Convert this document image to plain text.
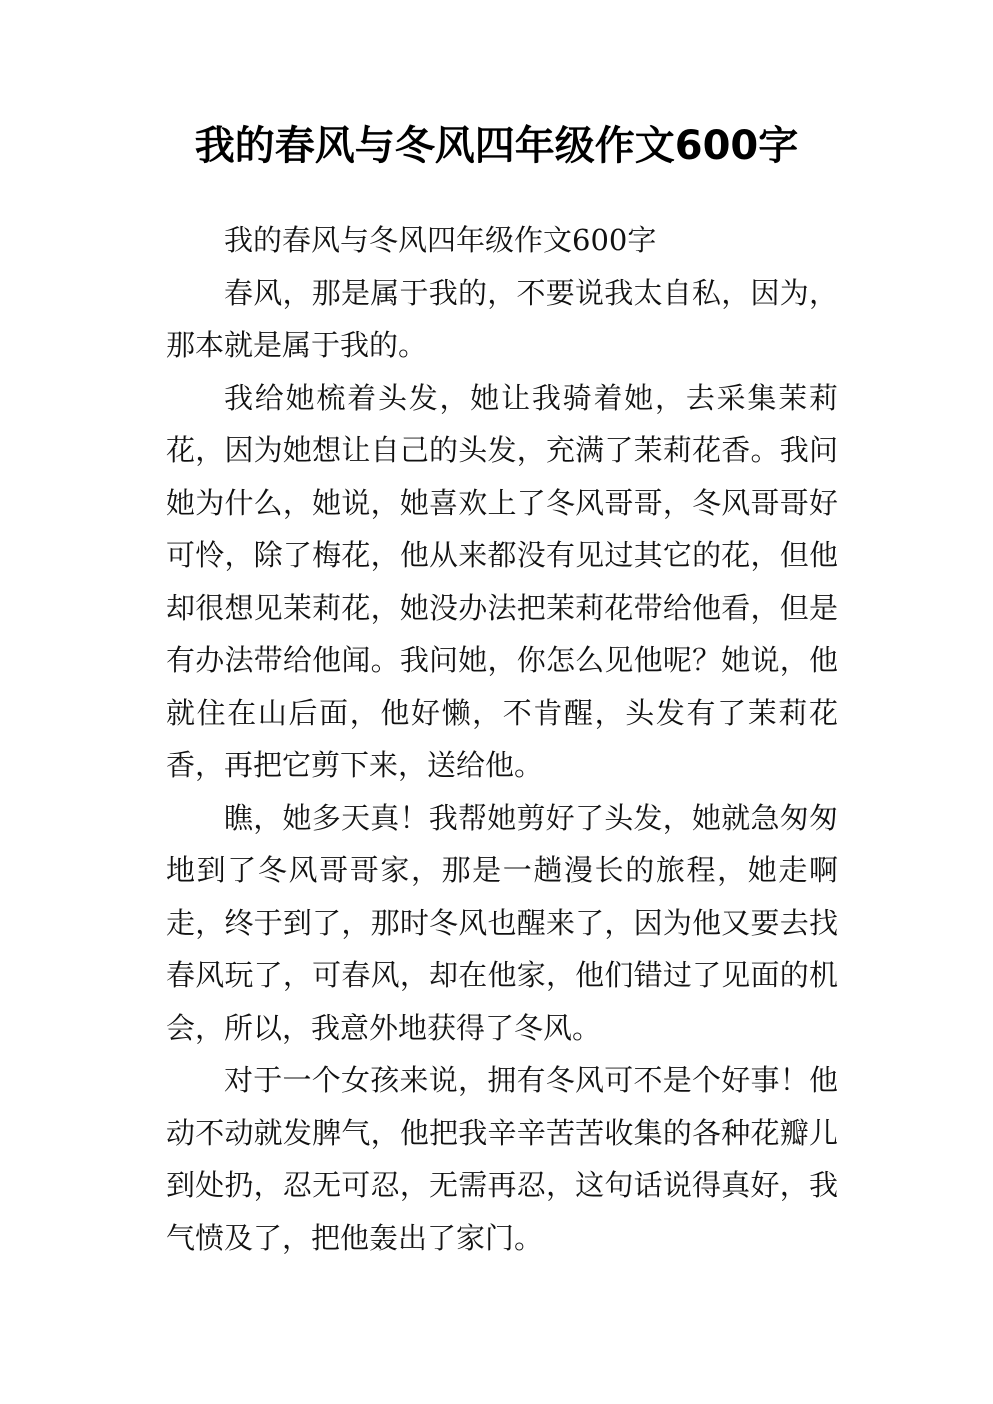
我的春风与冬风四年级作文600字

我的春风与冬风四年级作文600字

春风，那是属于我的，不要说我太自私，因为，那本就是属于我的。

我给她梳着头发，她让我骑着她，去采集茉莉花，因为她想让自己的头发，充满了茉莉花香。我问她为什么，她说，她喜欢上了冬风哥哥，冬风哥哥好可怜，除了梅花，他从来都没有见过其它的花，但他却很想见茉莉花，她没办法把茉莉花带给他看，但是有办法带给他闻。我问她，你怎么见他呢？她说，他就住在山后面，他好懒，不肯醒，头发有了茉莉花香，再把它剪下来，送给他。

瞧，她多天真！我帮她剪好了头发，她就急匆匆地到了冬风哥哥家，那是一趟漫长的旅程，她走啊走，终于到了，那时冬风也醒来了，因为他又要去找春风玩了，可春风，却在他家，他们错过了见面的机会，所以，我意外地获得了冬风。

对于一个女孩来说，拥有冬风可不是个好事！他动不动就发脾气，他把我辛辛苦苦收集的各种花瓣儿到处扔，忍无可忍，无需再忍，这句话说得真好，我气愤及了，把他轰出了家门。
